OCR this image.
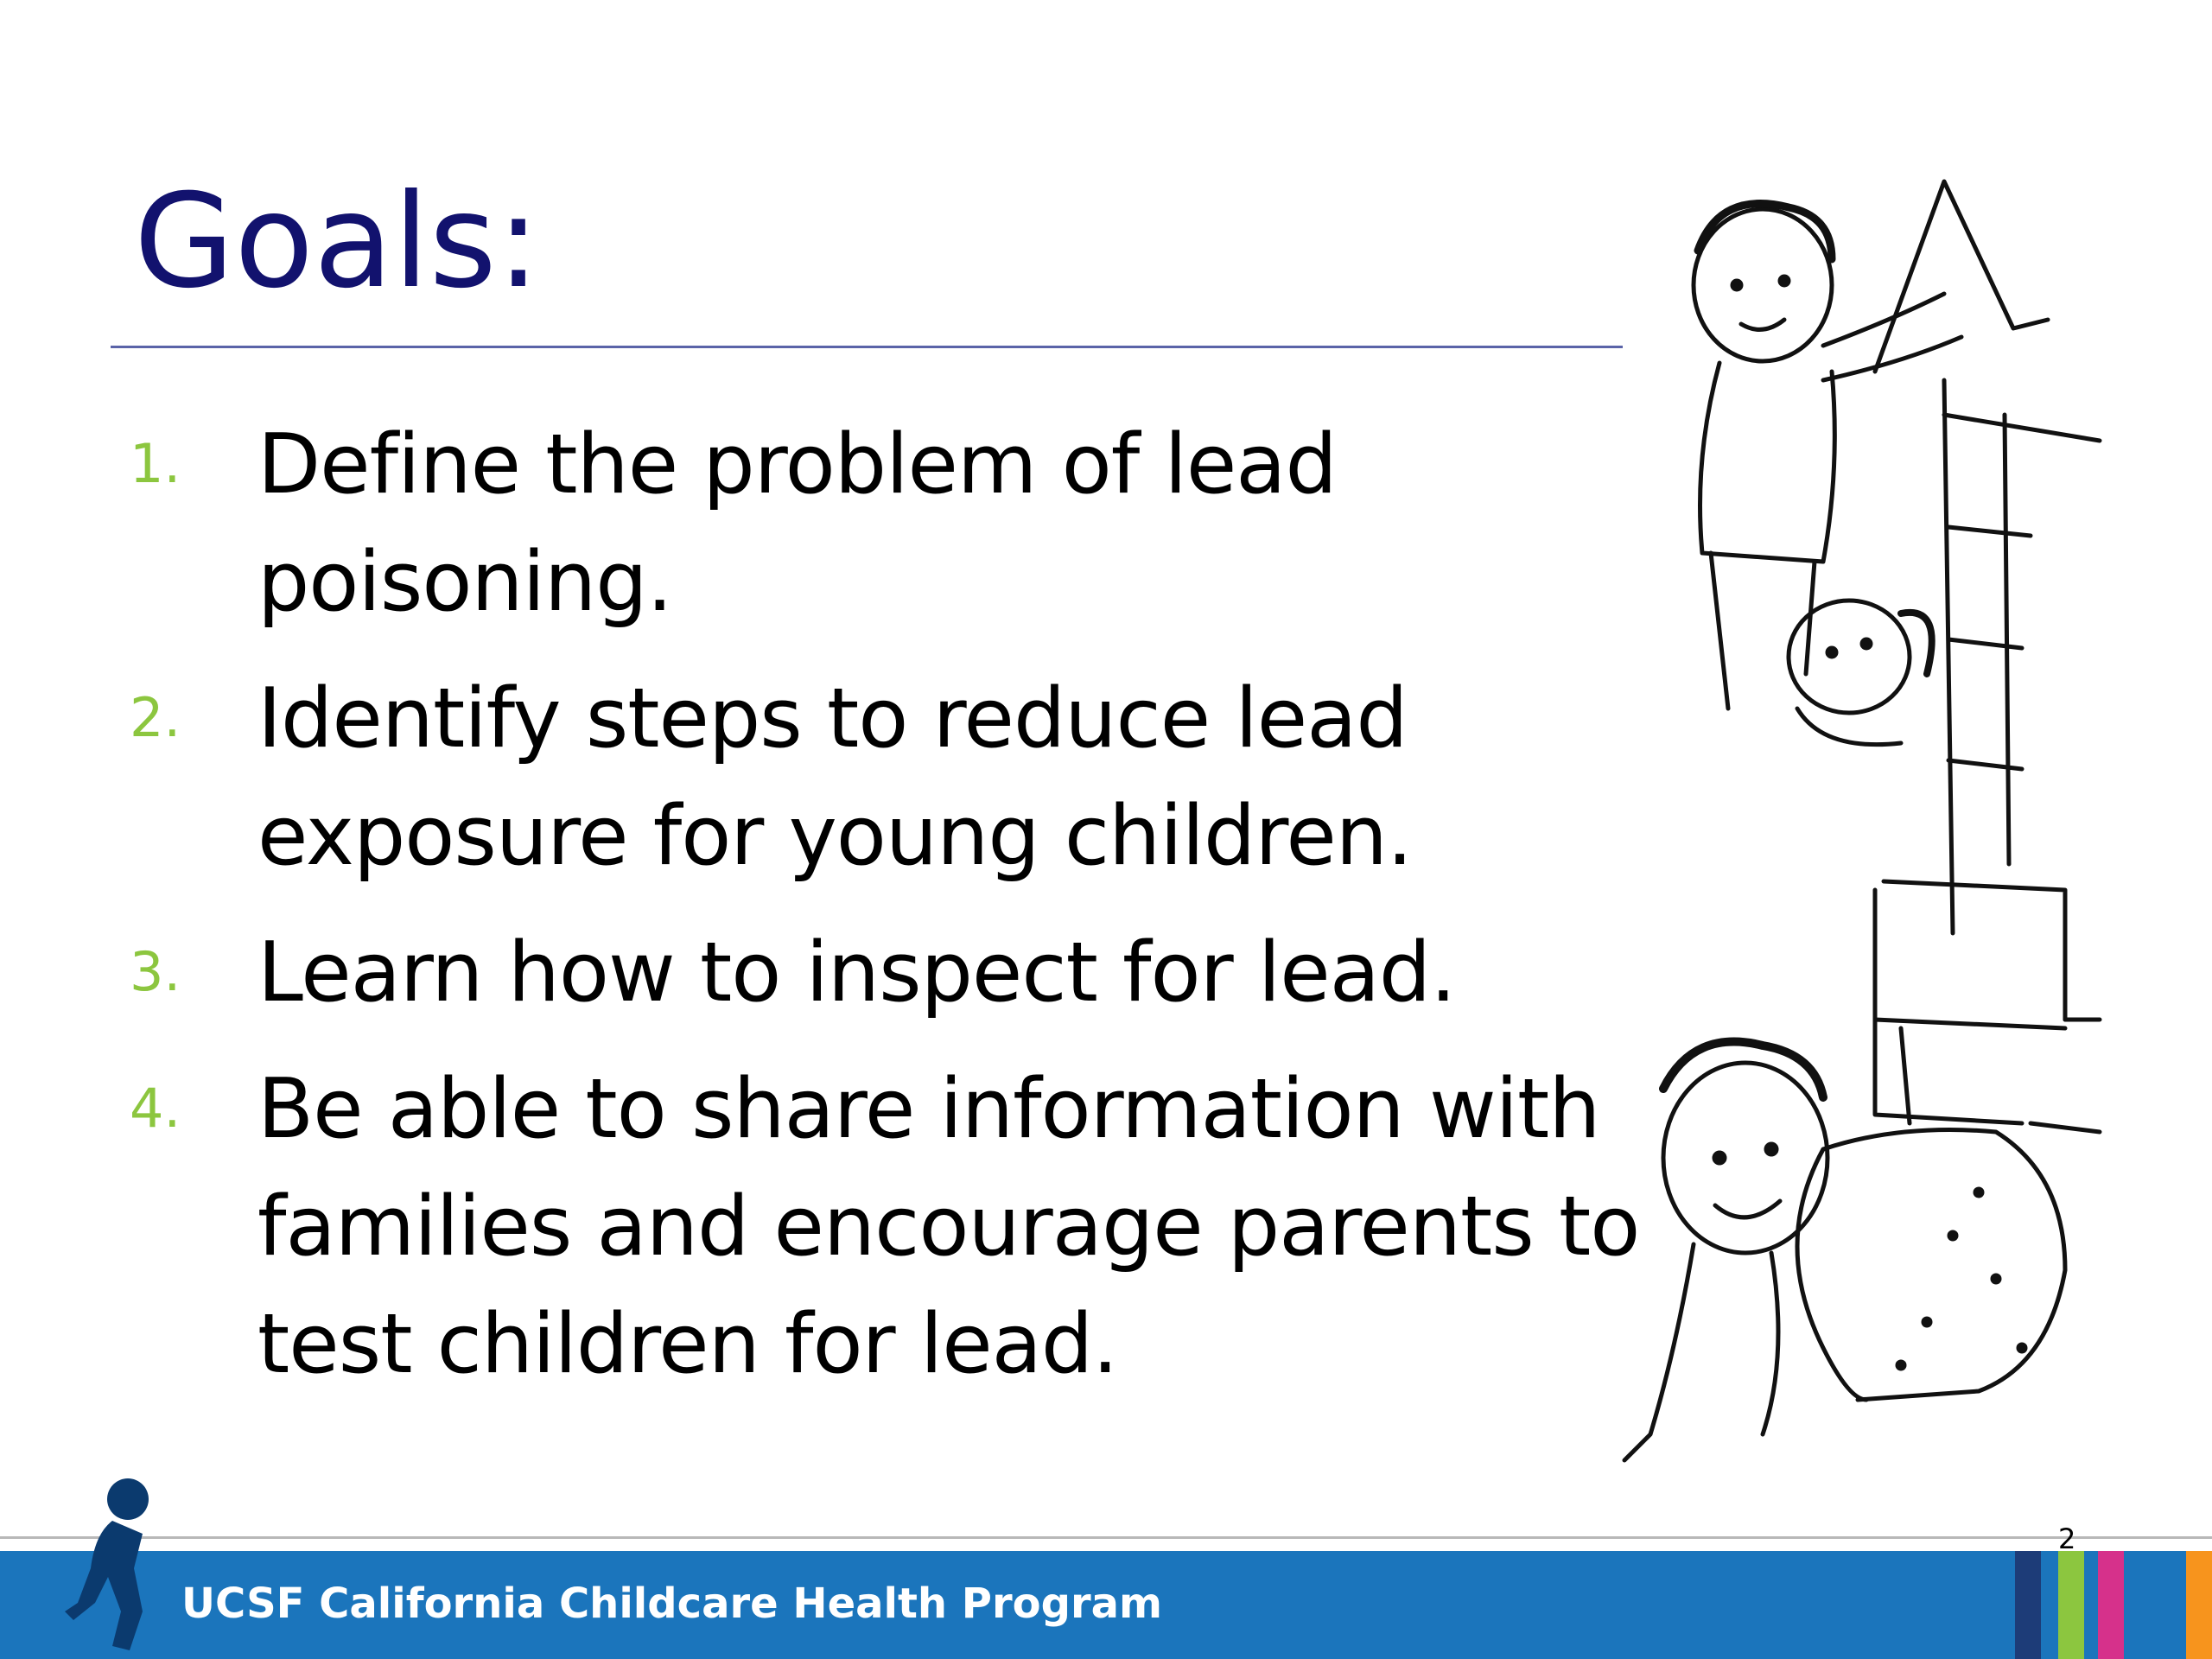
Goals:
1. Define the problem of lead poisoning.
2. Identify steps to reduce lead exposure for young children.
3. Learn how to inspect for lead.
4. Be able to share information with families and encourage parents to test children for lead.
UCSF California Childcare Health Program
2
